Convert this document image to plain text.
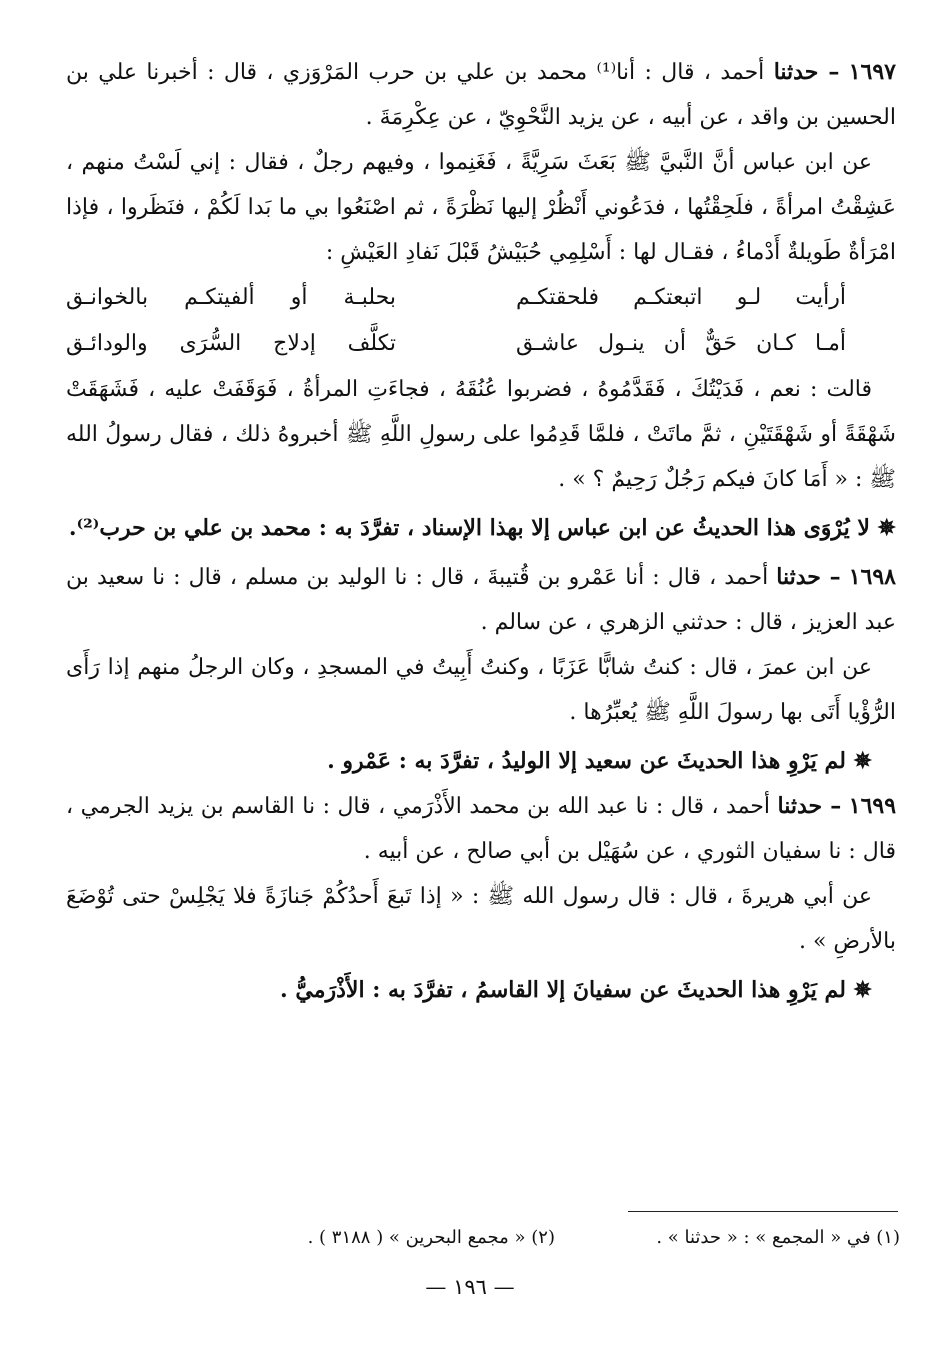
١٦٩٧ – حدثنا أحمد ، قال : أنا⁽¹⁾ محمد بن علي بن حرب المَرْوَزي ، قال : أخبرنا علي بن الحسين بن واقد ، عن أبيه ، عن يزيد النَّحْوِيّ ، عن عِكْرِمَةَ .

عن ابن عباس أنَّ النَّبيَّ ﷺ بَعَثَ سَرِيَّةً ، فَغَنِموا ، وفيهم رجلٌ ، فقال : إني لَسْتُ منهم ، عَشِقْتُ امرأةً ، فلَحِقْتُها ، فدَعُوني أَنْظُرْ إليها نَظْرَةً ، ثم اصْنَعُوا بي ما بَدا لَكُمْ ، فنَظَروا ، فإذا امْرَأةٌ طَويلةٌ أَدْماءُ ، فقـال لها : أَسْلِمِي حُبَيْشُ قَبْلَ نَفادِ العَيْشِ :

أرأيت لـو اتبعتكـم فلحقتكـم
بحلبـة أو ألفيتكـم بالخوانـق
أمـا كـان حَقٌّ أن ينـول عاشـق
تكلَّف إدلاج السُّرَى والودائـق

قالت : نعم ، فَدَيْتُكَ ، فَقَدَّمُوهُ ، فضربوا عُنُقَهُ ، فجاءَتِ المرأةُ ، فَوَقَفَتْ عليه ، فَشَهَقَتْ شَهْقَةً أو شَهْقَتَيْنِ ، ثمَّ ماتَتْ ، فلمَّا قَدِمُوا على رسولِ اللَّهِ ﷺ أخبروهُ ذلك ، فقال رسولُ الله ﷺ : « أَمَا كانَ فيكم رَجُلٌ رَحِيمٌ ؟ » .

✵ لا يُرْوَى هذا الحديثُ عن ابن عباس إلا بهذا الإسناد ، تفرَّدَ به : محمد بن علي بن حرب⁽²⁾.

١٦٩٨ – حدثنا أحمد ، قال : أنا عَمْرو بن قُتيبةَ ، قال : نا الوليد بن مسلم ، قال : نا سعيد بن عبد العزيز ، قال : حدثني الزهري ، عن سالم .

عن ابن عمرَ ، قال : كنتُ شابًّا عَزَبًا ، وكنتُ أَبِيتُ في المسجدِ ، وكان الرجلُ منهم إذا رَأَى الرُّؤْيا أَتَى بها رسولَ اللَّهِ ﷺ يُعبِّرُها .

✵ لم يَرْوِ هذا الحديثَ عن سعيد إلا الوليدُ ، تفرَّدَ به : عَمْرو .

١٦٩٩ – حدثنا أحمد ، قال : نا عبد الله بن محمد الأَذْرَمي ، قال : نا القاسم بن يزيد الجرمي ، قال : نا سفيان الثوري ، عن سُهَيْل بن أبي صالح ، عن أبيه .

عن أبي هريرةَ ، قال : قال رسول الله ﷺ : « إذا تَبعَ أَحدُكُمْ جَنازَةً فلا يَجْلِسْ حتى تُوْضَعَ بالأرضِ » .

✵ لم يَرْوِ هذا الحديثَ عن سفيانَ إلا القاسمُ ، تفرَّدَ به : الأَذْرَميُّ .

(١) في « المجمع » : « حدثنا » .
(٢) « مجمع البحرين » ( ٣١٨٨ ) .
— ١٩٦ —
